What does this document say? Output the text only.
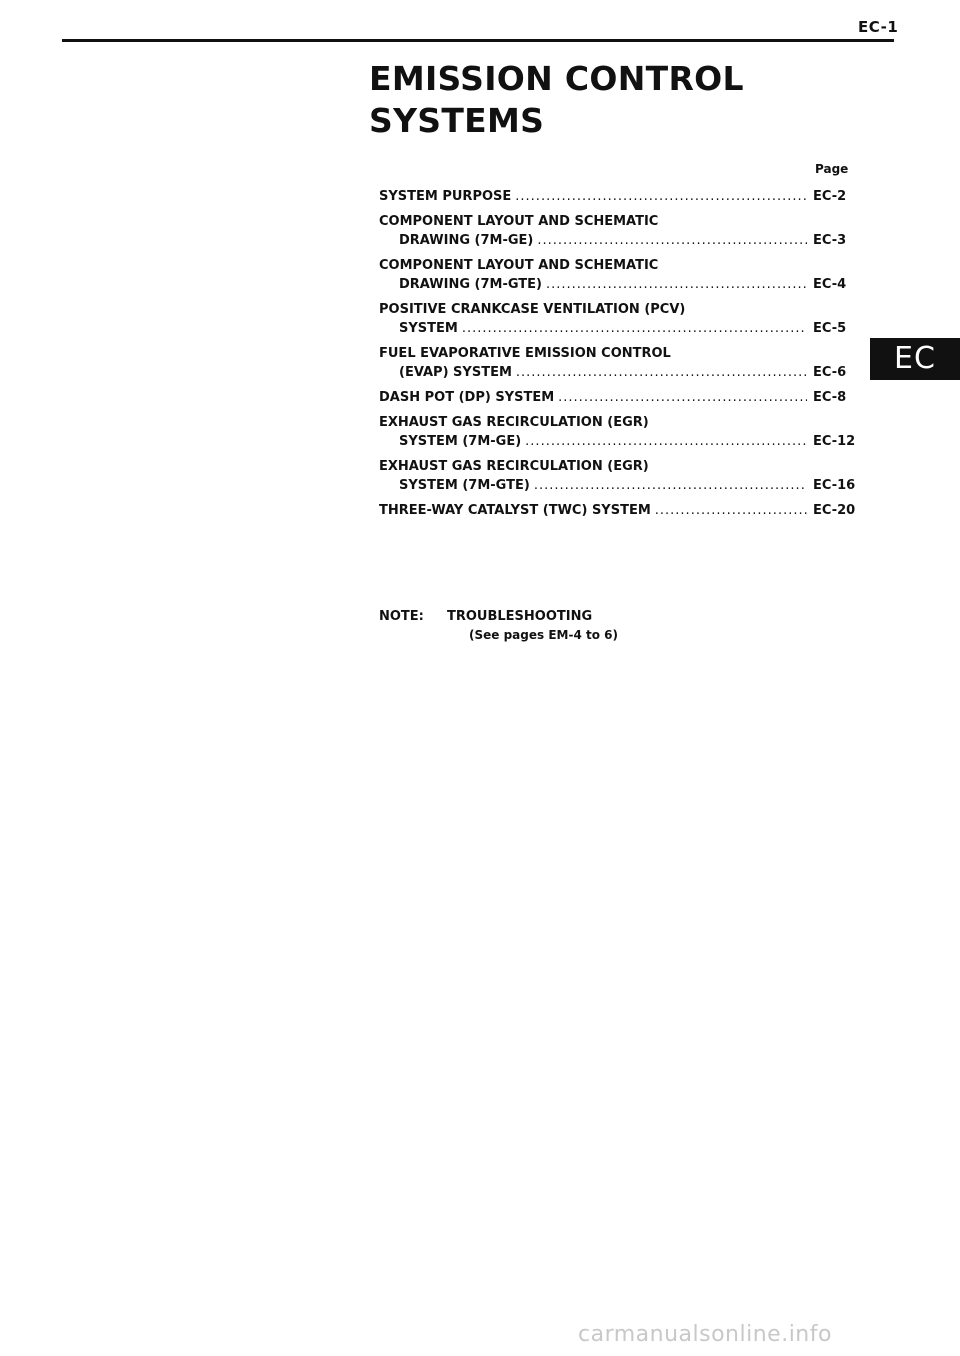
EC-1
EMISSION CONTROL
SYSTEMS
Page
SYSTEM PURPOSE .....	EC-2
COMPONENT LAYOUT AND SCHEMATIC
DRAWING (7M-GE) .....	EC-3
COMPONENT LAYOUT AND SCHEMATIC
DRAWING (7M-GTE) .....	EC-4
POSITIVE CRANKCASE VENTILATION (PCV)
SYSTEM .....	EC-5
FUEL EVAPORATIVE EMISSION CONTROL
(EVAP) SYSTEM .....	EC-6
DASH POT (DP) SYSTEM .....	EC-8
EXHAUST GAS RECIRCULATION (EGR)
SYSTEM (7M-GE) .....	EC-12
EXHAUST GAS RECIRCULATION (EGR)
SYSTEM (7M-GTE) .....	EC-16
THREE-WAY CATALYST (TWC) SYSTEM .....	EC-20
NOTE: TROUBLESHOOTING
(See pages EM-4 to 6)
EC
carmanualsonline.info
